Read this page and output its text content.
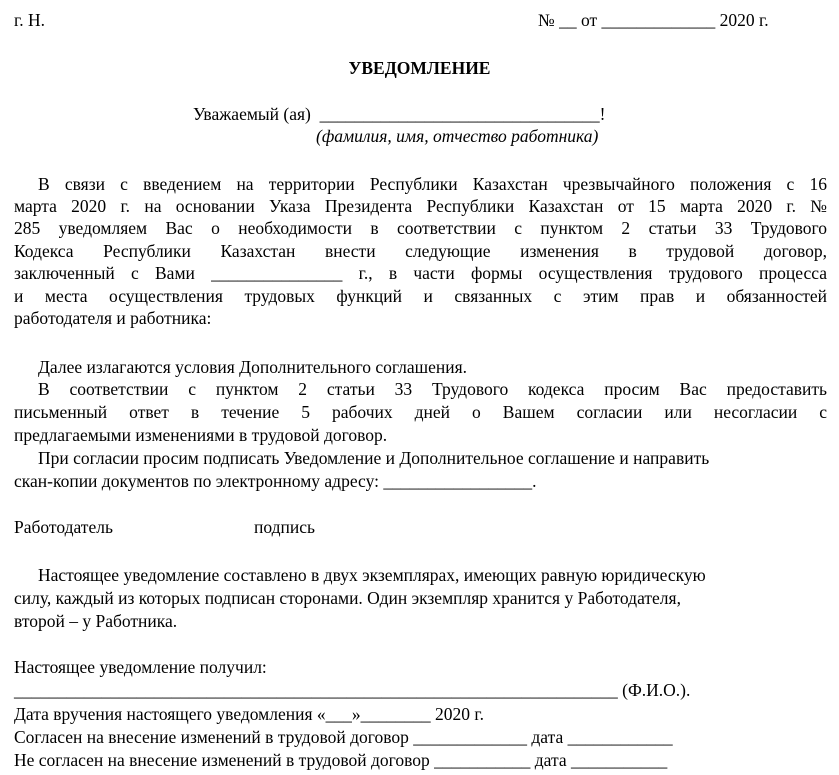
г. Н.	№ __ от _____________ 2020 г.
УВЕДОМЛЕНИЕ
Уважаемый (ая) ________________________________!
(фамилия, имя, отчество работника)
В связи с введением на территории Республики Казахстан чрезвычайного положения с 16
марта 2020 г. на основании Указа Президента Республики Казахстан от 15 марта 2020 г. №
285 уведомляем Вас о необходимости в соответствии с пунктом 2 статьи 33 Трудового
Кодекса Республики Казахстан внести следующие изменения в трудовой договор,
заключенный с Вами _______________ г., в части формы осуществления трудового процесса
и места осуществления трудовых функций и связанных с этим прав и обязанностей
работодателя и работника:
Далее излагаются условия Дополнительного соглашения.
В соответствии с пунктом 2 статьи 33 Трудового кодекса просим Вас предоставить
письменный ответ в течение 5 рабочих дней о Вашем согласии или несогласии с
предлагаемыми изменениями в трудовой договор.
При согласии просим подписать Уведомление и Дополнительное соглашение и направить
скан-копии документов по электронному адресу: _________________.
Работодатель	подпись
Настоящее уведомление составлено в двух экземплярах, имеющих равную юридическую
силу, каждый из которых подписан сторонами. Один экземпляр хранится у Работодателя,
второй – у Работника.
Настоящее уведомление получил:
_____________________________________________________________________ (Ф.И.О.).
Дата вручения настоящего уведомления «___»________ 2020 г.
Согласен на внесение изменений в трудовой договор _____________ дата ____________
Не согласен на внесение изменений в трудовой договор ___________ дата ___________
